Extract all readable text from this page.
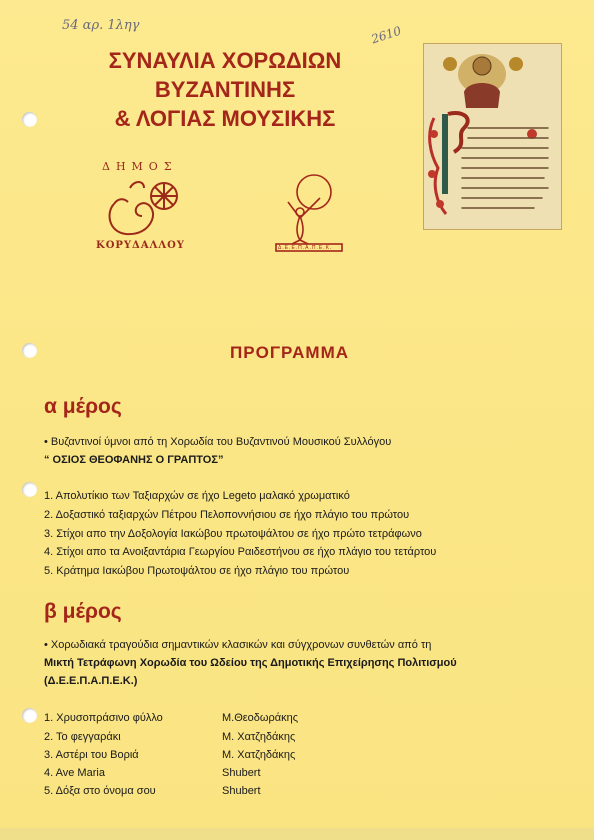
54 αρ. 1ληγ	2610
ΣΥΝΑΥΛΙΑ ΧΟΡΩΔΙΩΝ
ΒΥΖΑΝΤΙΝΗΣ
& ΛΟΓΙΑΣ ΜΟΥΣΙΚΗΣ
ΔΗΜΟΣ
ΚΟΡΥΔΑΛΛΟΥ	Δ.Ε.Ε.Π.Α.Π.Ε.Κ.
ΠΡΟΓΡΑΜΜΑ
α μέρος
• Βυζαντινοί ύμνοι από τη Χορωδία του Βυζαντινού Μουσικού Συλλόγου
“ ΟΣΙΟΣ ΘΕΟΦΑΝΗΣ Ο ΓΡΑΠΤΟΣ”
1. Απολυτίκιο των Ταξιαρχών σε ήχο Legeto μαλακό χρωματικό
2. Δοξαστικό ταξιαρχών Πέτρου Πελοποννήσιου σε ήχο πλάγιο του πρώτου
3. Στίχοι απο την Δοξολογία Ιακώβου πρωτοψάλτου σε ήχο πρώτο τετράφωνο
4. Στίχοι απο τα Ανοιξαντάρια Γεωργίου Ραιδεστήνου σε ήχο πλάγιο του τετάρτου
5. Κράτημα Ιακώβου Πρωτοψάλτου σε ήχο πλάγιο του πρώτου
β μέρος
• Χορωδιακά τραγούδια σημαντικών κλασικών και σύγχρονων συνθετών από τη
Μικτή Τετράφωνη Χορωδία του Ωδείου της Δημοτικής Επιχείρησης Πολιτισμού
(Δ.Ε.Ε.Π.Α.Π.Ε.Κ.)
1. Χρυσοπράσινο φύλλο	Μ.Θεοδωράκης
2. Το φεγγαράκι	Μ. Χατζηδάκης
3. Αστέρι του Βοριά	Μ. Χατζηδάκης
4. Ave Maria	Shubert
5. Δόξα στο όνομα σου	Shubert
